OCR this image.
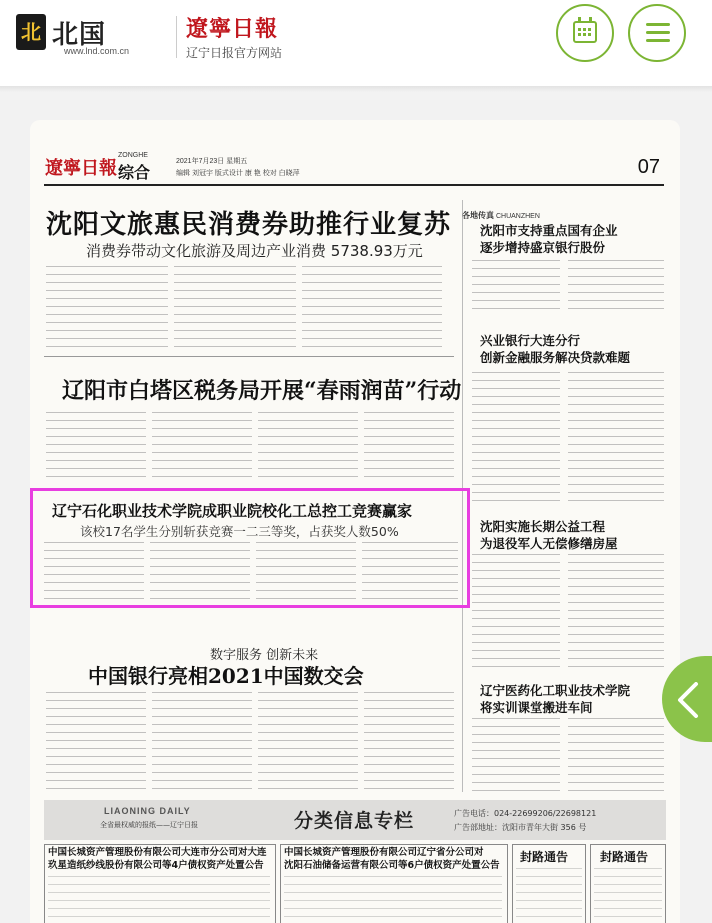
北 北国
www.lnd.com.cn
遼寧日報
辽宁日报官方网站
遼寧日報
ZONGHE
综合
2021年7月23日 星期五
编辑 刘冠宇 版式设计 康 艳 校对 白晓萍	07
沈阳文旅惠民消费券助推行业复苏
消费券带动文化旅游及周边产业消费 5738.93万元
辽阳市白塔区税务局开展“春雨润苗”行动
辽宁石化职业技术学院成职业院校化工总控工竞赛赢家
该校17名学生分别斩获竞赛一二三等奖，占获奖人数50%
数字服务 创新未来
中国银行亮相2021中国数交会
各地传真 CHUANZHEN
沈阳市支持重点国有企业
逐步增持盛京银行股份
兴业银行大连分行
创新金融服务解决贷款难题
沈阳实施长期公益工程
为退役军人无偿修缮房屋
辽宁医药化工职业技术学院
将实训课堂搬进车间
LIAONING DAILY
全省最权威的报纸——辽宁日报	分类信息专栏	广告电话：024-22699206/22698121
广告部地址：沈阳市青年大街 356 号
中国长城资产管理股份有限公司大连市分公司对大连
玖星造纸纱线股份有限公司等4户债权资产处置公告
中国长城资产管理股份有限公司辽宁省分公司对
沈阳石油储备运营有限公司等6户债权资产处置公告
封路通告	封路通告
